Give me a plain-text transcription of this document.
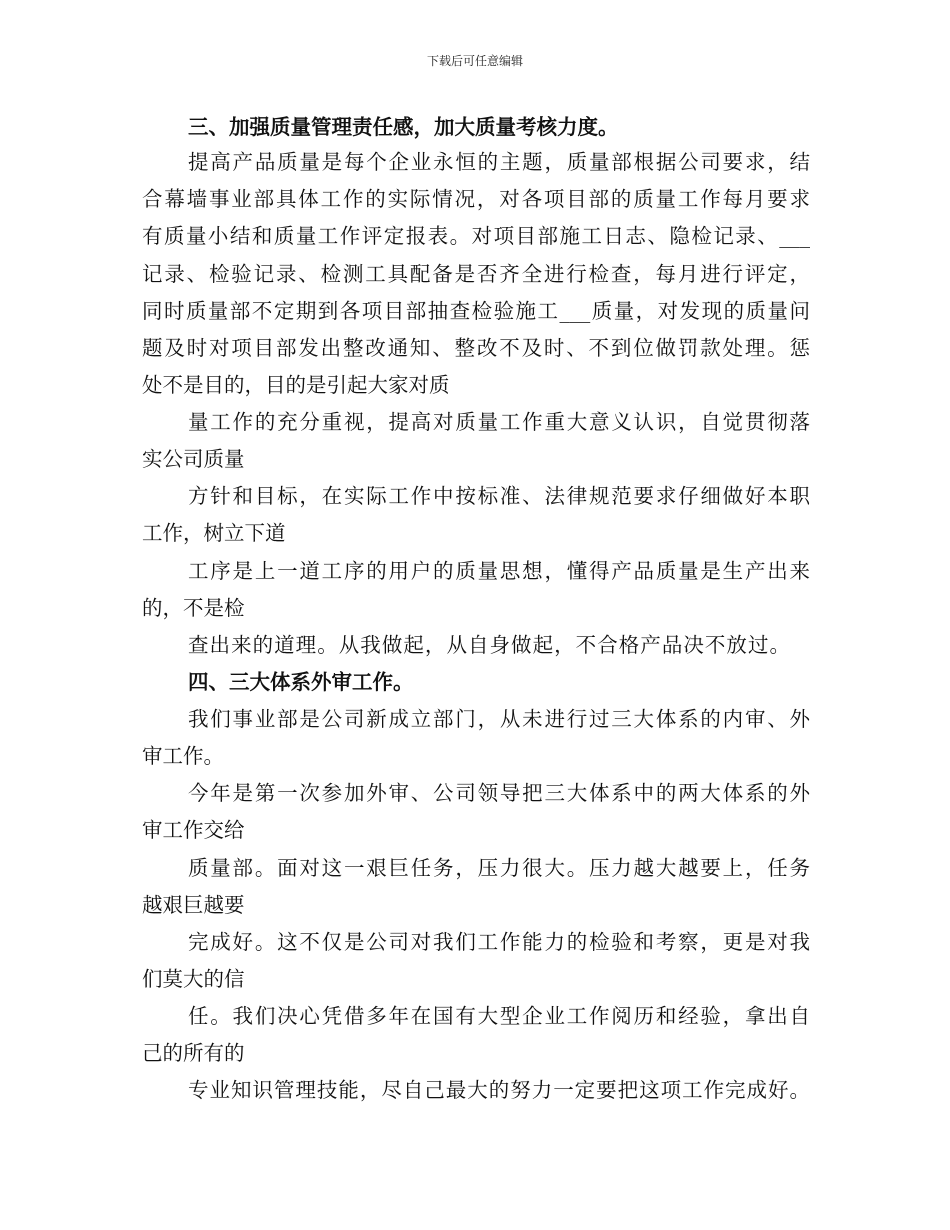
下载后可任意编辑
三、加强质量管理责任感，加大质量考核力度。
提高产品质量是每个企业永恒的主题，质量部根据公司要求，结
合幕墙事业部具体工作的实际情况，对各项目部的质量工作每月要求
有质量小结和质量工作评定报表。对项目部施工日志、隐检记录、___
记录、检验记录、检测工具配备是否齐全进行检查，每月进行评定，
同时质量部不定期到各项目部抽查检验施工___质量，对发现的质量问
题及时对项目部发出整改通知、整改不及时、不到位做罚款处理。惩
处不是目的，目的是引起大家对质
量工作的充分重视，提高对质量工作重大意义认识，自觉贯彻落
实公司质量
方针和目标，在实际工作中按标准、法律规范要求仔细做好本职
工作，树立下道
工序是上一道工序的用户的质量思想，懂得产品质量是生产出来
的，不是检
查出来的道理。从我做起，从自身做起，不合格产品决不放过。
四、三大体系外审工作。
我们事业部是公司新成立部门，从未进行过三大体系的内审、外
审工作。
今年是第一次参加外审、公司领导把三大体系中的两大体系的外
审工作交给
质量部。面对这一艰巨任务，压力很大。压力越大越要上，任务
越艰巨越要
完成好。这不仅是公司对我们工作能力的检验和考察，更是对我
们莫大的信
任。我们决心凭借多年在国有大型企业工作阅历和经验，拿出自
己的所有的
专业知识管理技能，尽自己最大的努力一定要把这项工作完成好。
